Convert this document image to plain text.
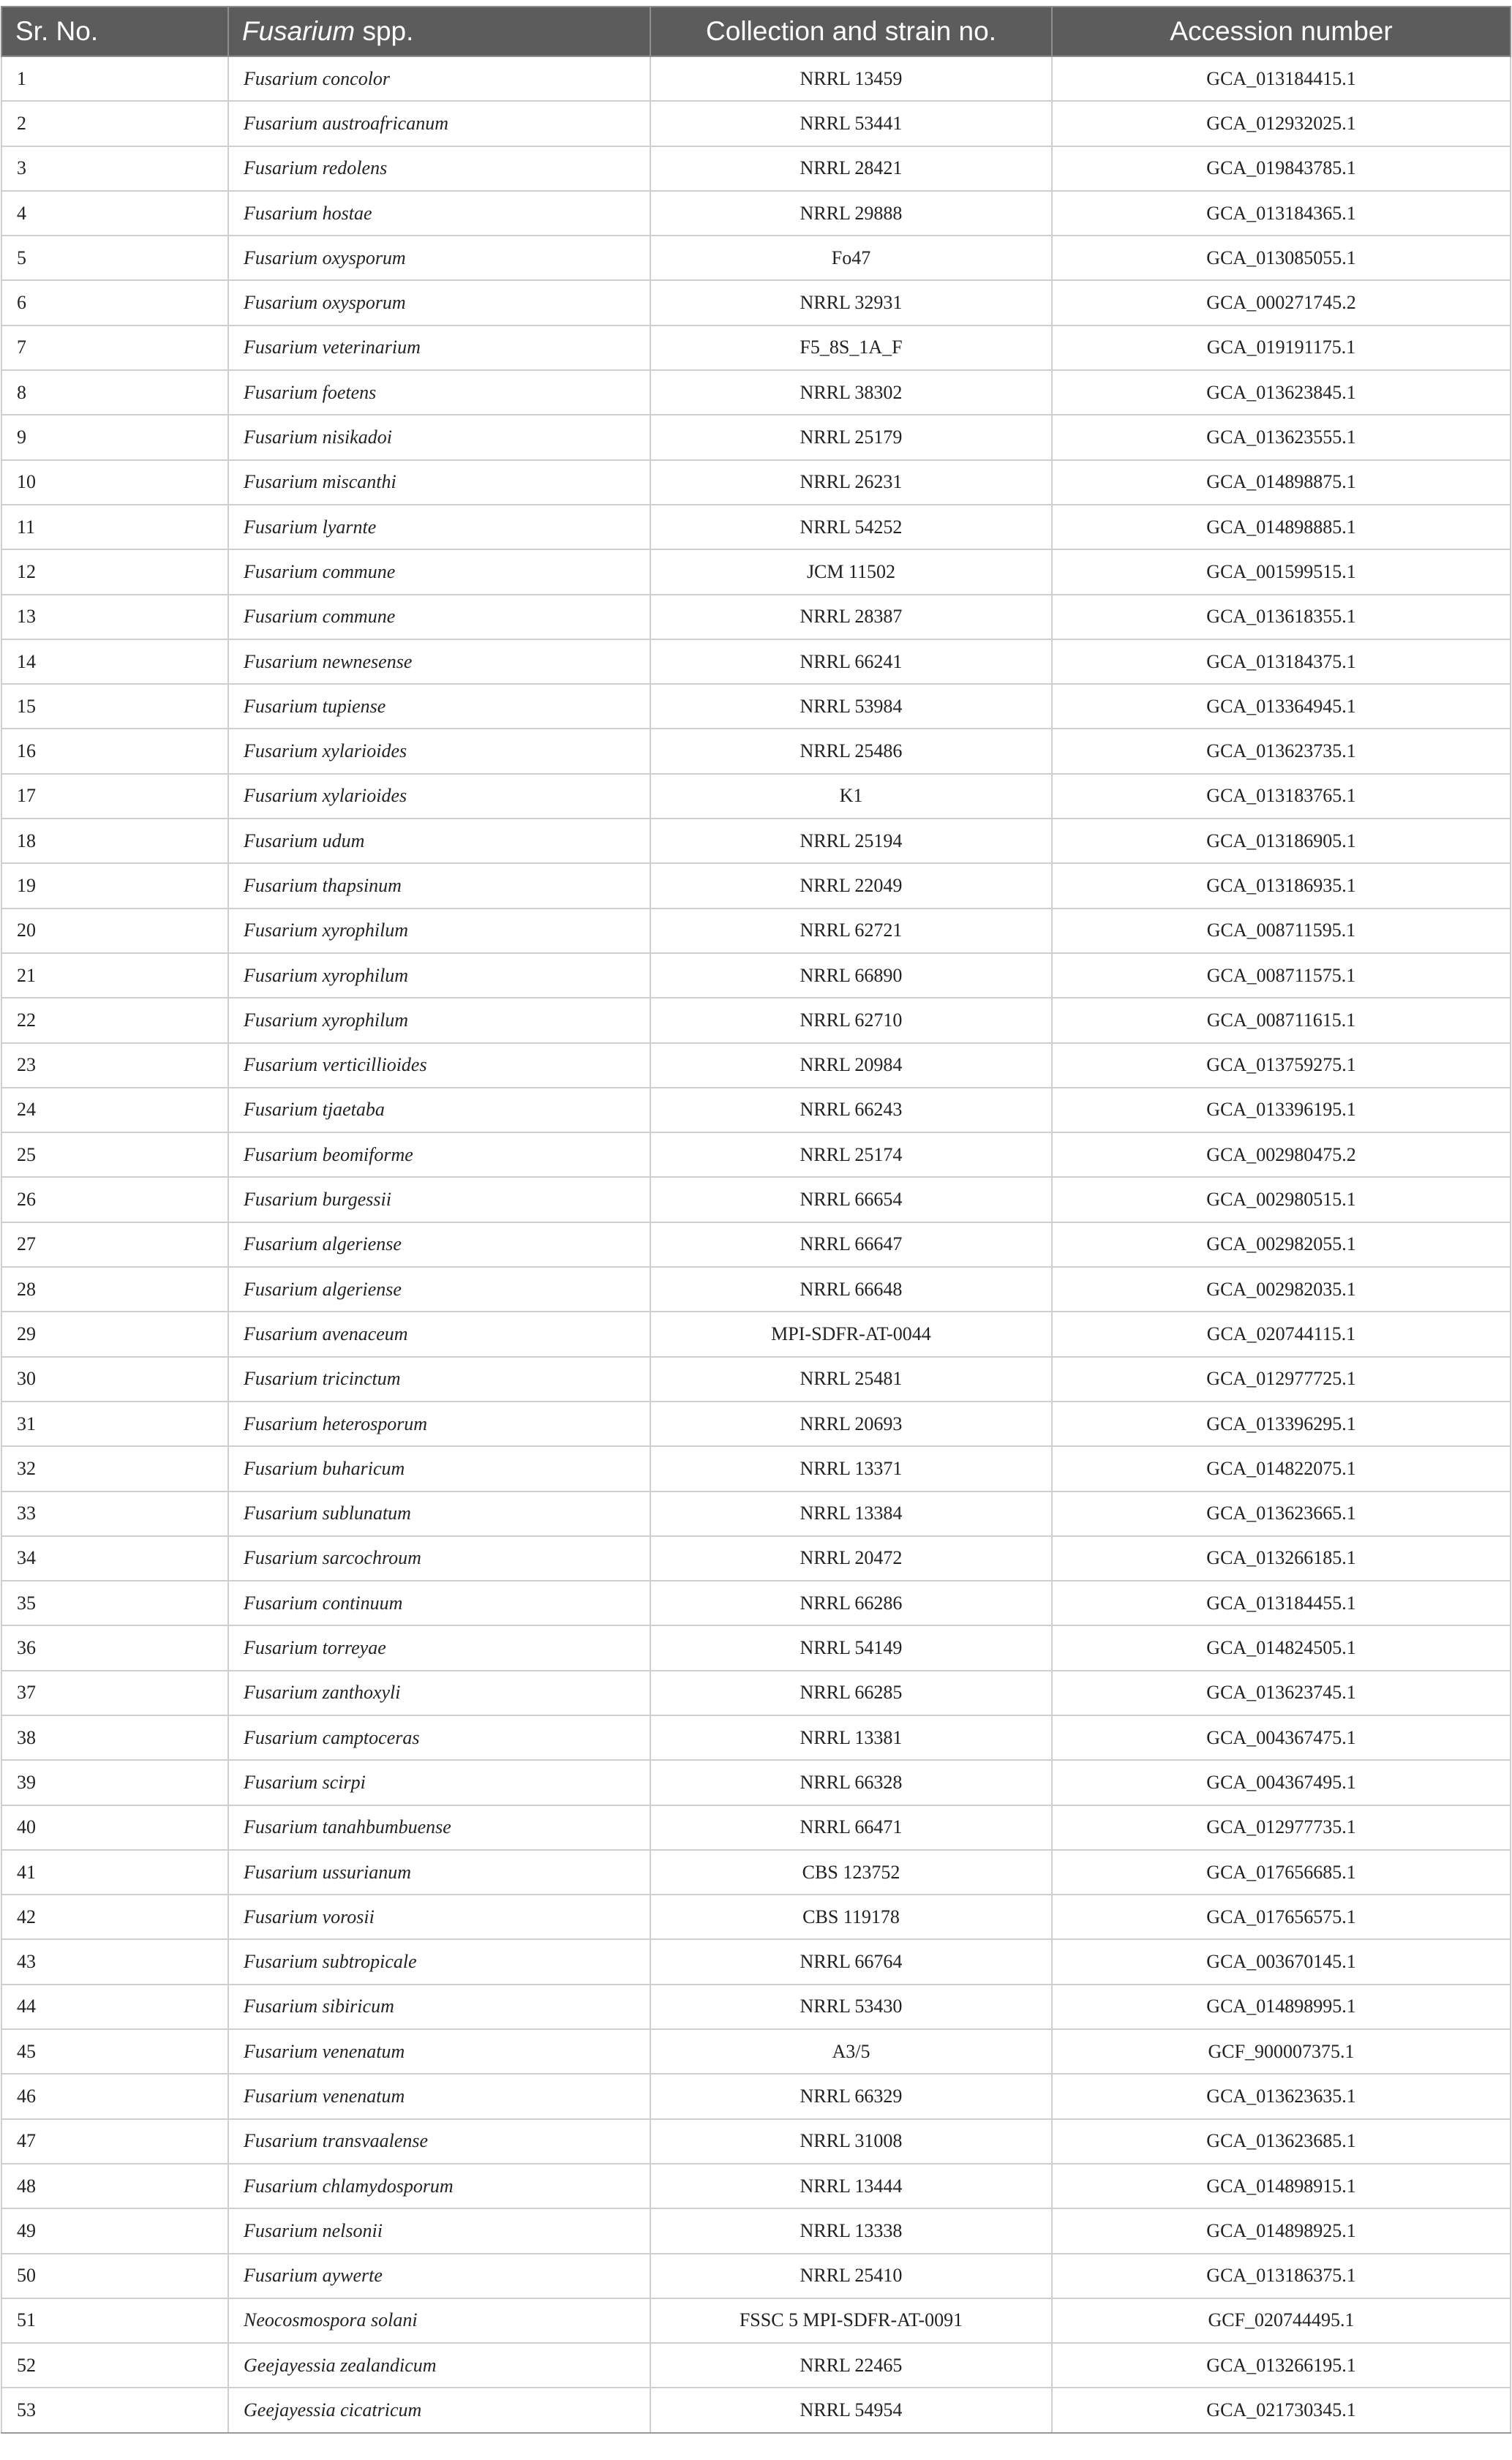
Sr. No.	Fusarium spp.	Collection and strain no.	Accession number
1	Fusarium concolor	NRRL 13459	GCA_013184415.1
2	Fusarium austroafricanum	NRRL 53441	GCA_012932025.1
3	Fusarium redolens	NRRL 28421	GCA_019843785.1
4	Fusarium hostae	NRRL 29888	GCA_013184365.1
5	Fusarium oxysporum	Fo47	GCA_013085055.1
6	Fusarium oxysporum	NRRL 32931	GCA_000271745.2
7	Fusarium veterinarium	F5_8S_1A_F	GCA_019191175.1
8	Fusarium foetens	NRRL 38302	GCA_013623845.1
9	Fusarium nisikadoi	NRRL 25179	GCA_013623555.1
10	Fusarium miscanthi	NRRL 26231	GCA_014898875.1
11	Fusarium lyarnte	NRRL 54252	GCA_014898885.1
12	Fusarium commune	JCM 11502	GCA_001599515.1
13	Fusarium commune	NRRL 28387	GCA_013618355.1
14	Fusarium newnesense	NRRL 66241	GCA_013184375.1
15	Fusarium tupiense	NRRL 53984	GCA_013364945.1
16	Fusarium xylarioides	NRRL 25486	GCA_013623735.1
17	Fusarium xylarioides	K1	GCA_013183765.1
18	Fusarium udum	NRRL 25194	GCA_013186905.1
19	Fusarium thapsinum	NRRL 22049	GCA_013186935.1
20	Fusarium xyrophilum	NRRL 62721	GCA_008711595.1
21	Fusarium xyrophilum	NRRL 66890	GCA_008711575.1
22	Fusarium xyrophilum	NRRL 62710	GCA_008711615.1
23	Fusarium verticillioides	NRRL 20984	GCA_013759275.1
24	Fusarium tjaetaba	NRRL 66243	GCA_013396195.1
25	Fusarium beomiforme	NRRL 25174	GCA_002980475.2
26	Fusarium burgessii	NRRL 66654	GCA_002980515.1
27	Fusarium algeriense	NRRL 66647	GCA_002982055.1
28	Fusarium algeriense	NRRL 66648	GCA_002982035.1
29	Fusarium avenaceum	MPI-SDFR-AT-0044	GCA_020744115.1
30	Fusarium tricinctum	NRRL 25481	GCA_012977725.1
31	Fusarium heterosporum	NRRL 20693	GCA_013396295.1
32	Fusarium buharicum	NRRL 13371	GCA_014822075.1
33	Fusarium sublunatum	NRRL 13384	GCA_013623665.1
34	Fusarium sarcochroum	NRRL 20472	GCA_013266185.1
35	Fusarium continuum	NRRL 66286	GCA_013184455.1
36	Fusarium torreyae	NRRL 54149	GCA_014824505.1
37	Fusarium zanthoxyli	NRRL 66285	GCA_013623745.1
38	Fusarium camptoceras	NRRL 13381	GCA_004367475.1
39	Fusarium scirpi	NRRL 66328	GCA_004367495.1
40	Fusarium tanahbumbuense	NRRL 66471	GCA_012977735.1
41	Fusarium ussurianum	CBS 123752	GCA_017656685.1
42	Fusarium vorosii	CBS 119178	GCA_017656575.1
43	Fusarium subtropicale	NRRL 66764	GCA_003670145.1
44	Fusarium sibiricum	NRRL 53430	GCA_014898995.1
45	Fusarium venenatum	A3/5	GCF_900007375.1
46	Fusarium venenatum	NRRL 66329	GCA_013623635.1
47	Fusarium transvaalense	NRRL 31008	GCA_013623685.1
48	Fusarium chlamydosporum	NRRL 13444	GCA_014898915.1
49	Fusarium nelsonii	NRRL 13338	GCA_014898925.1
50	Fusarium aywerte	NRRL 25410	GCA_013186375.1
51	Neocosmospora solani	FSSC 5 MPI-SDFR-AT-0091	GCF_020744495.1
52	Geejayessia zealandicum	NRRL 22465	GCA_013266195.1
53	Geejayessia cicatricum	NRRL 54954	GCA_021730345.1
